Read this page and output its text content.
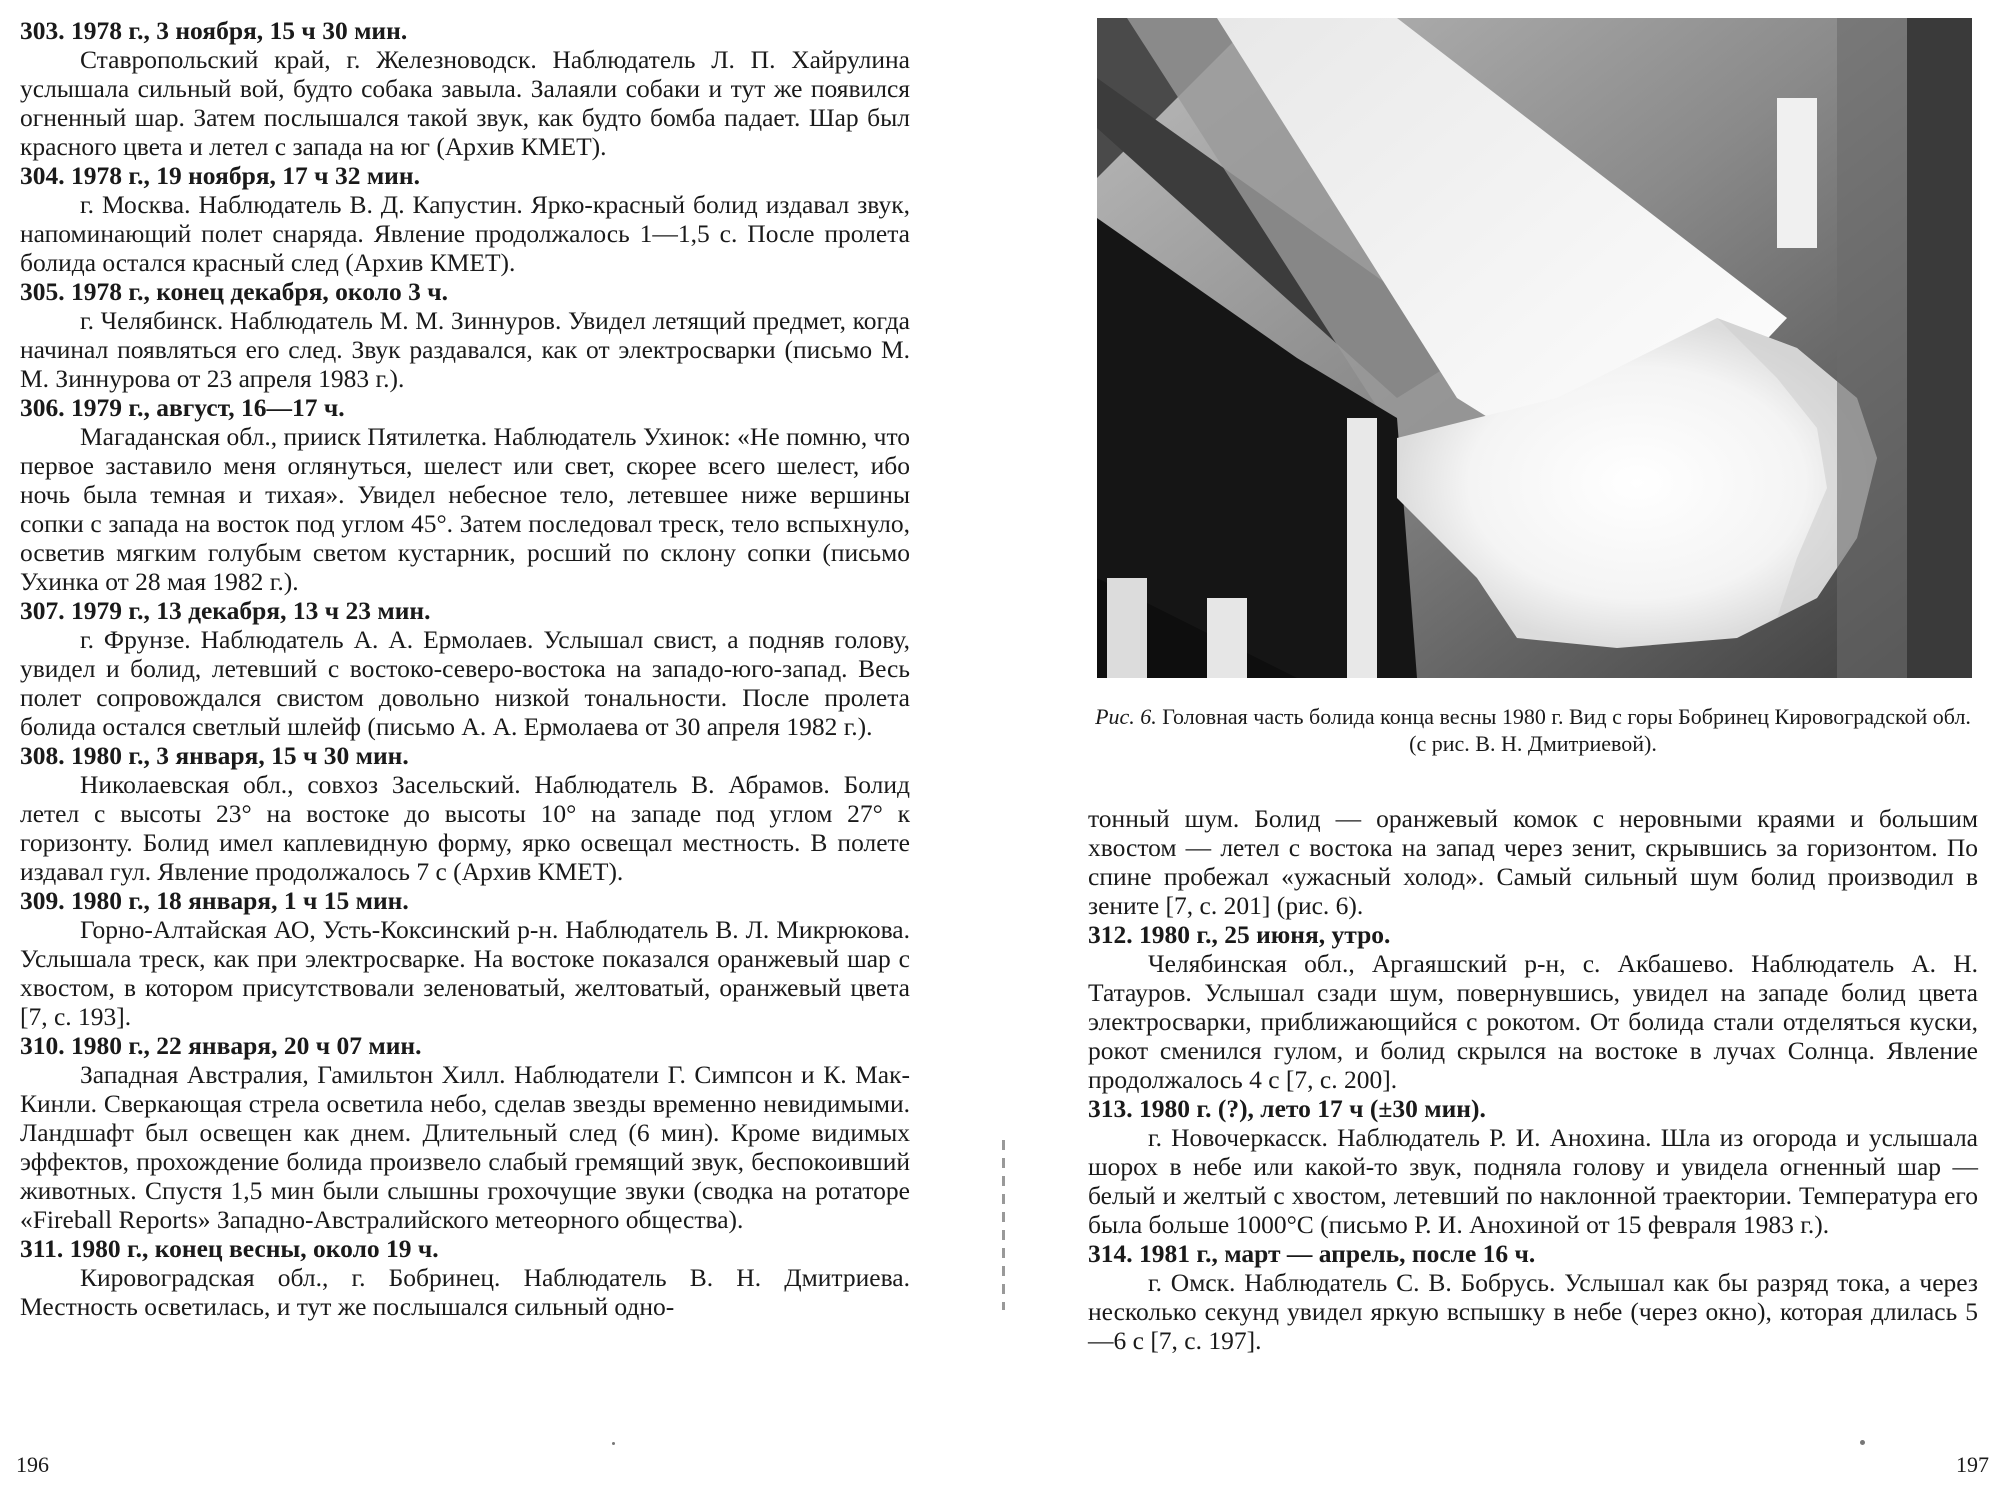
303. 1978 г., 3 ноября, 15 ч 30 мин.

Ставропольский край, г. Железноводск. Наблюдатель Л. П. Хайрулина услышала сильный вой, будто собака завыла. Залаяли собаки и тут же появился огненный шар. Затем послышался такой звук, как будто бомба падает. Шар был красного цвета и летел с запада на юг (Архив КМЕТ).

304. 1978 г., 19 ноября, 17 ч 32 мин.

г. Москва. Наблюдатель В. Д. Капустин. Ярко-красный болид издавал звук, напоминающий полет снаряда. Явление продолжалось 1—1,5 с. После пролета болида остался красный след (Архив КМЕТ).

305. 1978 г., конец декабря, около 3 ч.

г. Челябинск. Наблюдатель М. М. Зиннуров. Увидел летящий предмет, когда начинал появляться его след. Звук раздавался, как от электросварки (письмо М. М. Зиннурова от 23 апреля 1983 г.).

306. 1979 г., август, 16—17 ч.

Магаданская обл., прииск Пятилетка. Наблюдатель Ухинок: «Не помню, что первое заставило меня оглянуться, шелест или свет, скорее всего шелест, ибо ночь была темная и тихая». Увидел небесное тело, летевшее ниже вершины сопки с запада на восток под углом 45°. Затем последовал треск, тело вспыхнуло, осветив мягким голубым светом кустарник, росший по склону сопки (письмо Ухинка от 28 мая 1982 г.).

307. 1979 г., 13 декабря, 13 ч 23 мин.

г. Фрунзе. Наблюдатель А. А. Ермолаев. Услышал свист, а подняв голову, увидел и болид, летевший с востоко-северо-востока на западо-юго-запад. Весь полет сопровождался свистом довольно низкой тональности. После пролета болида остался светлый шлейф (письмо А. А. Ермолаева от 30 апреля 1982 г.).

308. 1980 г., 3 января, 15 ч 30 мин.

Николаевская обл., совхоз Засельский. Наблюдатель В. Абрамов. Болид летел с высоты 23° на востоке до высоты 10° на западе под углом 27° к горизонту. Болид имел каплевидную форму, ярко освещал местность. В полете издавал гул. Явление продолжалось 7 с (Архив КМЕТ).

309. 1980 г., 18 января, 1 ч 15 мин.

Горно-Алтайская АО, Усть-Коксинский р-н. Наблюдатель В. Л. Микрюкова. Услышала треск, как при электросварке. На востоке показался оранжевый шар с хвостом, в котором присутствовали зеленоватый, желтоватый, оранжевый цвета [7, с. 193].

310. 1980 г., 22 января, 20 ч 07 мин.

Западная Австралия, Гамильтон Хилл. Наблюдатели Г. Симпсон и К. Мак-Кинли. Сверкающая стрела осветила небо, сделав звезды временно невидимыми. Ландшафт был освещен как днем. Длительный след (6 мин). Кроме видимых эффектов, прохождение болида произвело слабый гремящий звук, беспокоивший животных. Спустя 1,5 мин были слышны грохочущие звуки (сводка на ротаторе «Fireball Reports» Западно-Австралийского метеорного общества).

311. 1980 г., конец весны, около 19 ч.

Кировоградская обл., г. Бобринец. Наблюдатель В. Н. Дмитриева. Местность осветилась, и тут же послышался сильный одно-

196
Рис. 6. Головная часть болида конца весны 1980 г. Вид с горы Бобринец Кировоградской обл. (с рис. В. Н. Дмитриевой).

тонный шум. Болид — оранжевый комок с неровными краями и большим хвостом — летел с востока на запад через зенит, скрывшись за горизонтом. По спине пробежал «ужасный холод». Самый сильный шум болид производил в зените [7, с. 201] (рис. 6).

312. 1980 г., 25 июня, утро.

Челябинская обл., Аргаяшский р-н, с. Акбашево. Наблюдатель А. Н. Татауров. Услышал сзади шум, повернувшись, увидел на западе болид цвета электросварки, приближающийся с рокотом. От болида стали отделяться куски, рокот сменился гулом, и болид скрылся на востоке в лучах Солнца. Явление продолжалось 4 с [7, с. 200].

313. 1980 г. (?), лето 17 ч (±30 мин).

г. Новочеркасск. Наблюдатель Р. И. Анохина. Шла из огорода и услышала шорох в небе или какой-то звук, подняла голову и увидела огненный шар — белый и желтый с хвостом, летевший по наклонной траектории. Температура его была больше 1000°С (письмо Р. И. Анохиной от 15 февраля 1983 г.).

314. 1981 г., март — апрель, после 16 ч.

г. Омск. Наблюдатель С. В. Бобрусь. Услышал как бы разряд тока, а через несколько секунд увидел яркую вспышку в небе (через окно), которая длилась 5—6 с [7, с. 197].

197
